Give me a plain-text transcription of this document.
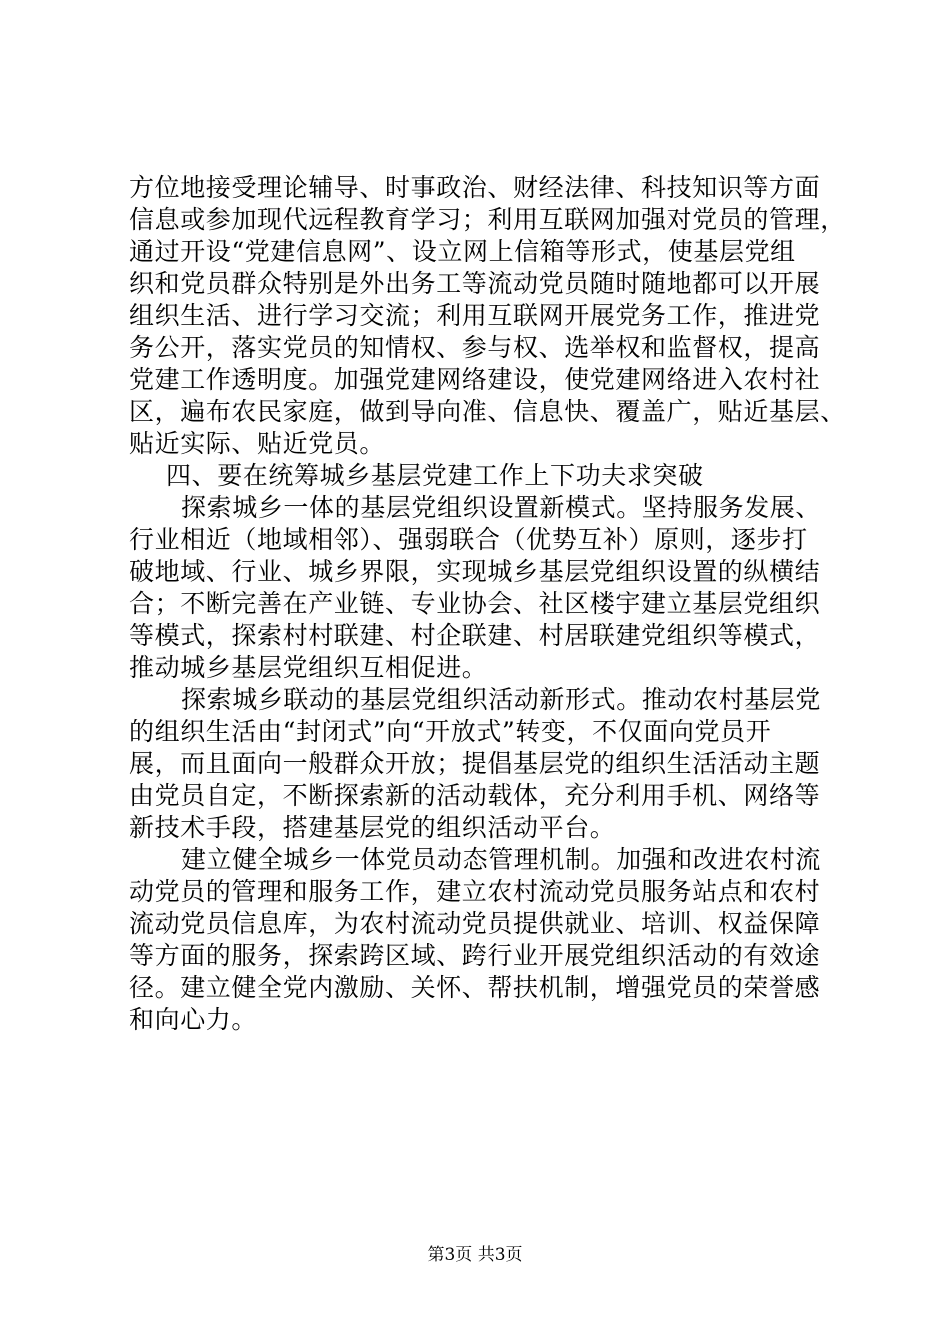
方位地接受理论辅导、时事政治、财经法律、科技知识等方面
信息或参加现代远程教育学习；利用互联网加强对党员的管理，
通过开设“党建信息网”、设立网上信箱等形式，使基层党组
织和党员群众特别是外出务工等流动党员随时随地都可以开展
组织生活、进行学习交流；利用互联网开展党务工作，推进党
务公开，落实党员的知情权、参与权、选举权和监督权，提高
党建工作透明度。加强党建网络建设，使党建网络进入农村社
区，遍布农民家庭，做到导向准、信息快、覆盖广，贴近基层、
贴近实际、贴近党员。
四、要在统筹城乡基层党建工作上下功夫求突破
探索城乡一体的基层党组织设置新模式。坚持服务发展、
行业相近（地域相邻）、强弱联合（优势互补）原则，逐步打
破地域、行业、城乡界限，实现城乡基层党组织设置的纵横结
合；不断完善在产业链、专业协会、社区楼宇建立基层党组织
等模式，探索村村联建、村企联建、村居联建党组织等模式，
推动城乡基层党组织互相促进。
探索城乡联动的基层党组织活动新形式。推动农村基层党
的组织生活由“封闭式”向“开放式”转变，不仅面向党员开
展，而且面向一般群众开放；提倡基层党的组织生活活动主题
由党员自定，不断探索新的活动载体，充分利用手机、网络等
新技术手段，搭建基层党的组织活动平台。
建立健全城乡一体党员动态管理机制。加强和改进农村流
动党员的管理和服务工作，建立农村流动党员服务站点和农村
流动党员信息库，为农村流动党员提供就业、培训、权益保障
等方面的服务，探索跨区域、跨行业开展党组织活动的有效途
径。建立健全党内激励、关怀、帮扶机制，增强党员的荣誉感
和向心力。
第3页 共3页
